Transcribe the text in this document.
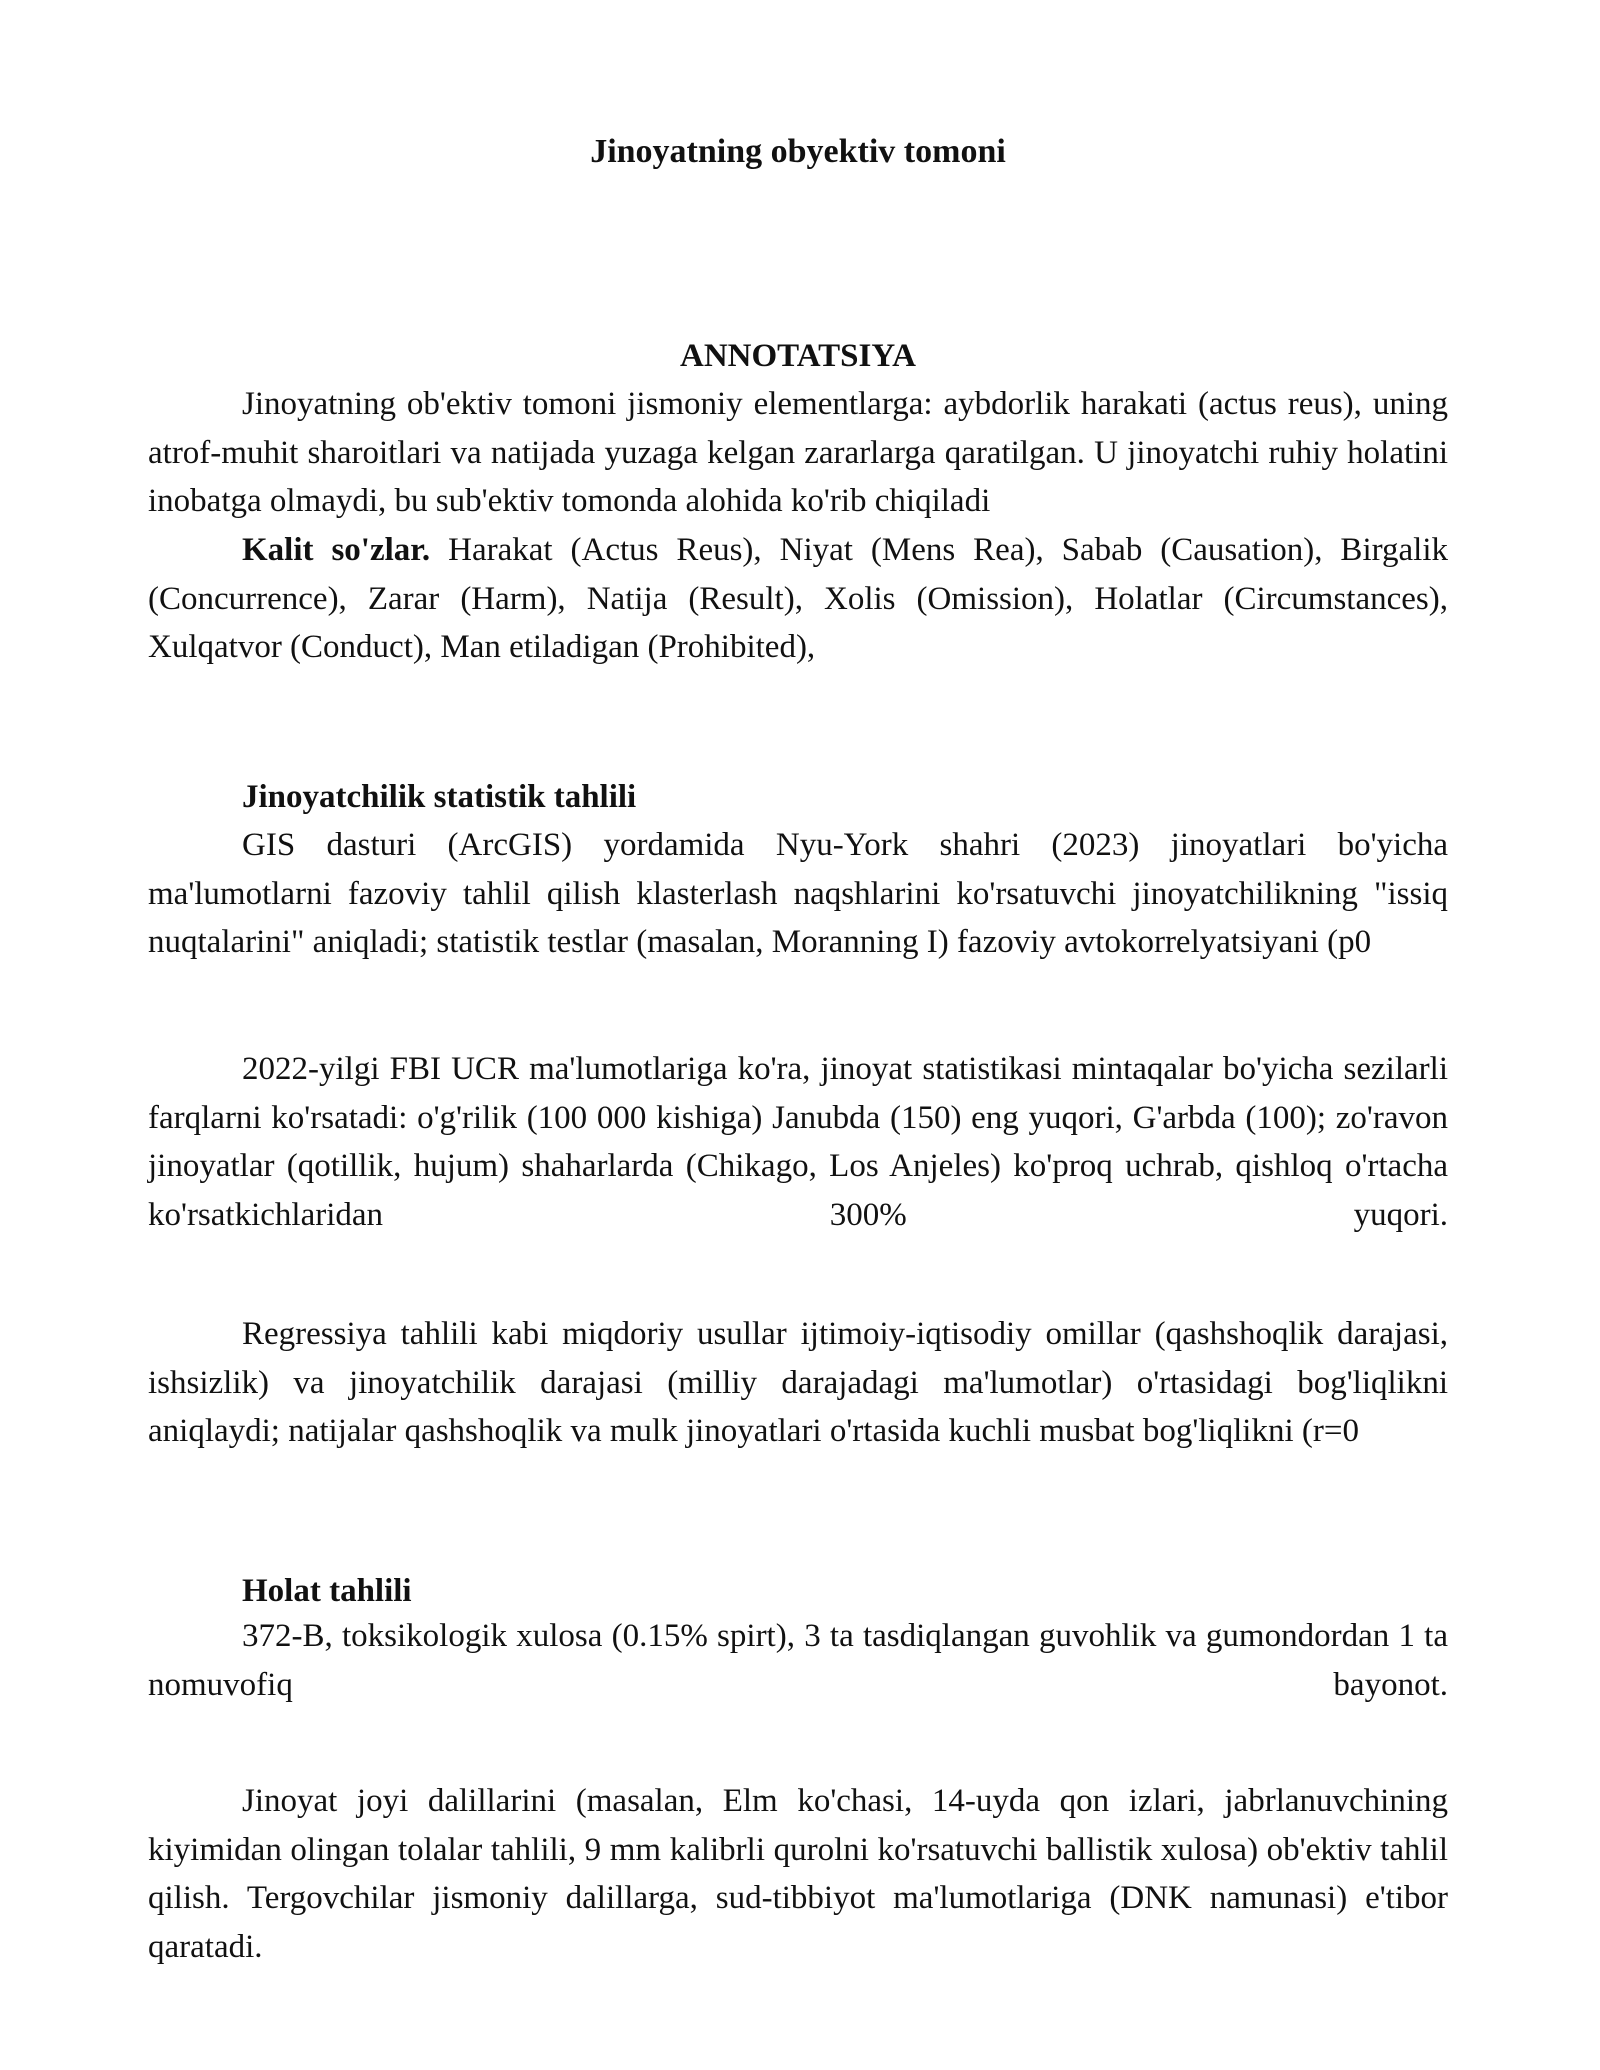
Jinoyatning obyektiv tomoni
ANNOTATSIYA

Jinoyatning ob'ektiv tomoni jismoniy elementlarga: aybdorlik harakati (actus reus), uning atrof-muhit sharoitlari va natijada yuzaga kelgan zararlarga qaratilgan. U jinoyatchi ruhiy holatini inobatga olmaydi, bu sub'ektiv tomonda alohida ko'rib chiqiladi

Kalit so'zlar. Harakat (Actus Reus), Niyat (Mens Rea), Sabab (Causation), Birgalik (Concurrence), Zarar (Harm), Natija (Result), Xolis (Omission), Holatlar (Circumstances), Xulqatvor (Conduct), Man etiladigan (Prohibited),

Jinoyatchilik statistik tahlili

GIS dasturi (ArcGIS) yordamida Nyu-York shahri (2023) jinoyatlari bo'yicha ma'lumotlarni fazoviy tahlil qilish klasterlash naqshlarini ko'rsatuvchi jinoyatchilikning "issiq nuqtalarini" aniqladi; statistik testlar (masalan, Moranning I) fazoviy avtokorrelyatsiyani (p0

2022-yilgi FBI UCR ma'lumotlariga ko'ra, jinoyat statistikasi mintaqalar bo'yicha sezilarli farqlarni ko'rsatadi: o'g'rilik (100 000 kishiga) Janubda (150) eng yuqori, G'arbda (100); zo'ravon jinoyatlar (qotillik, hujum) shaharlarda (Chikago, Los Anjeles) ko'proq uchrab, qishloq o'rtacha ko'rsatkichlaridan 300% yuqori.

Regressiya tahlili kabi miqdoriy usullar ijtimoiy-iqtisodiy omillar (qashshoqlik darajasi, ishsizlik) va jinoyatchilik darajasi (milliy darajadagi ma'lumotlar) o'rtasidagi bog'liqlikni aniqlaydi; natijalar qashshoqlik va mulk jinoyatlari o'rtasida kuchli musbat bog'liqlikni (r=0

Holat tahlili

372-B, toksikologik xulosa (0.15% spirt), 3 ta tasdiqlangan guvohlik va gumondordan 1 ta nomuvofiq bayonot.

Jinoyat joyi dalillarini (masalan, Elm ko'chasi, 14-uyda qon izlari, jabrlanuvchining kiyimidan olingan tolalar tahlili, 9 mm kalibrli qurolni ko'rsatuvchi ballistik xulosa) ob'ektiv tahlil qilish. Tergovchilar jismoniy dalillarga, sud-tibbiyot ma'lumotlariga (DNK namunasi) e'tibor qaratadi.
